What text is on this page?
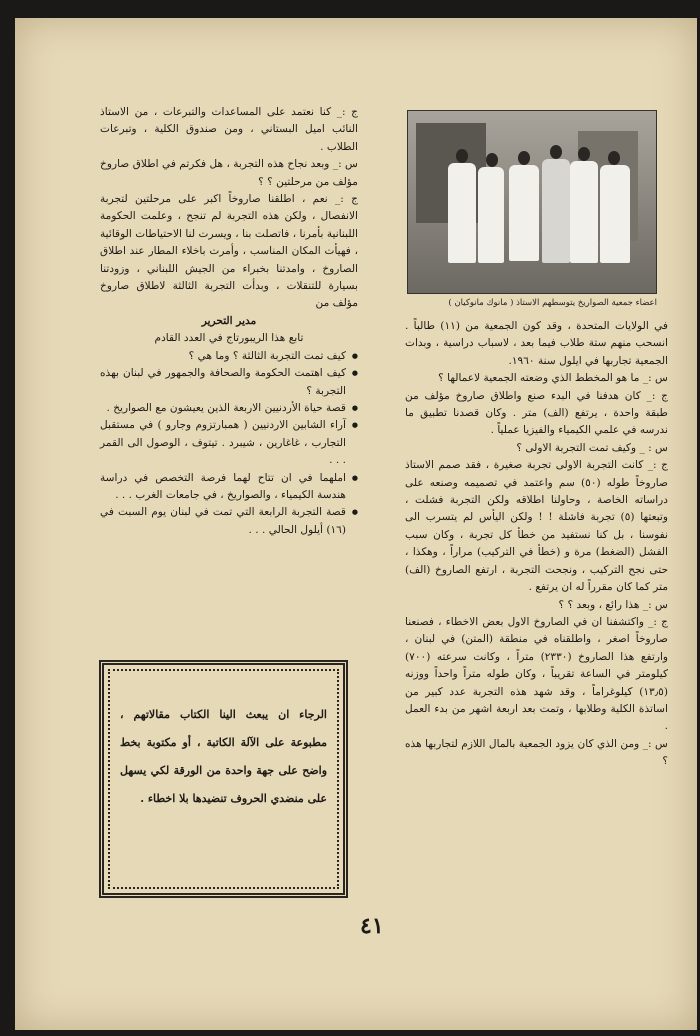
اعضاء جمعية الصواريخ يتوسطهم الاستاذ ( مانوك مانوكيان )

في الولايات المتحدة ، وقد كون الجمعية من (١١) طالباً . انسحب منهم ستة طلاب فيما بعد ، لاسباب دراسية ، وبدات الجمعية تجاربها في ايلول سنة ١٩٦٠.

س :_ ما هو المخطط الذي وضعته الجمعية لاعمالها ؟

ج :_ كان هدفنا في البدء صنع واطلاق صاروخ مؤلف من طبقة واحدة ، يرتفع (الف) متر . وكان قصدنا تطبيق ما ندرسه في علمي الكيمياء والفيزيا عملياً .

س : _ وكيف تمت التجربة الاولى ؟

ج :_ كانت التجربة الاولى تجربة صغيرة ، فقد صمم الاستاذ صاروخاً طوله (٥٠) سم واعتمد في تصميمه وصنعه على دراساته الخاصة ، وحاولنا اطلاقه ولكن التجربة فشلت ، وتبعتها (٥) تجربة فاشلة ! ! ولكن اليأس لم يتسرب الى نفوسنا ، بل كنا نستفيد من خطأ كل تجربة ، وكان سبب الفشل (الضغط) مرة و (خطأ في التركيب) مراراً ، وهكذا ، حتى نجح التركيب ، ونجحت التجربة ، ارتفع الصاروخ (الف) متر كما كان مقرراً له ان يرتفع .

س :_ هذا رائع ، وبعد ؟ ؟

ج :_ واكتشفنا ان في الصاروخ الاول بعض الاخطاء ، فصنعنا صاروخاً اصغر ، واطلقناه في منطقة (المتن) في لبنان ، وارتفع هذا الصاروخ (٢٣٣٠) متراً ، وكانت سرعته (٧٠٠) كيلومتر في الساعة تقريباً ، وكان طوله متراً واحداً ووزنه (١٣٫٥) كيلوغراماً ، وقد شهد هذه التجربة عدد كبير من اساتذة الكلية وطلابها ، وتمت بعد اربعة اشهر من بدء العمل .

س :_ ومن الذي كان يزود الجمعية بالمال اللازم لتجاربها هذه ؟

ج :_ كنا نعتمد على المساعدات والتبرعات ، من الاستاذ النائب اميل البستاني ، ومن صندوق الكلية ، وتبرعات الطلاب .

س :_ وبعد نجاح هذه التجربة ، هل فكرتم في اطلاق صاروخ مؤلف من مرحلتين ؟ ؟

ج :_ نعم ، اطلقنا صاروخاً اكبر على مرحلتين لتجربة الانفصال ، ولكن هذه التجربة لم تنجح ، وعلمت الحكومة اللبنانية بأمرنا ، فاتصلت بنا ، ويسرت لنا الاحتياطات الوقائية ، فهيأت المكان المناسب ، وأمرت باخلاء المطار عند اطلاق الصاروخ ، وامدتنا بخبراء من الجيش اللبناني ، وزودتنا بسيارة للتنقلات ، وبدأت التجربة الثالثة لاطلاق صاروخ مؤلف من

مدير التحرير

تابع هذا الريبورتاج في العدد القادم

● كيف تمت التجربة الثالثة ؟ وما هي ؟
● كيف اهتمت الحكومة والصحافة والجمهور في لبنان بهذه التجربة ؟
● قصة حياة الأردنيين الاربعة الذين يعيشون مع الصواريخ .
● آراء الشابين الاردنيين ( همبارتزوم وجارو ) في مستقبل التجارب ، غاغارين ، شيبرد . تيتوف ، الوصول الى القمر . . .
● املهما في ان تتاح لهما فرصة التخصص في دراسة هندسة الكيمياء ، والصواريخ ، في جامعات الغرب . . .
● قصة التجربة الرابعة التي تمت في لبنان يوم السبت في (١٦) أيلول الحالي . . .
الرجاء ان يبعث الينا الكتاب مقالاتهم ، مطبوعة على الآلة الكاتبة ، أو مكتوبة بخط واضح على جهة واحدة من الورقة لكي يسهل على منضدي الحروف تنضيدها بلا اخطاء .
٤١
